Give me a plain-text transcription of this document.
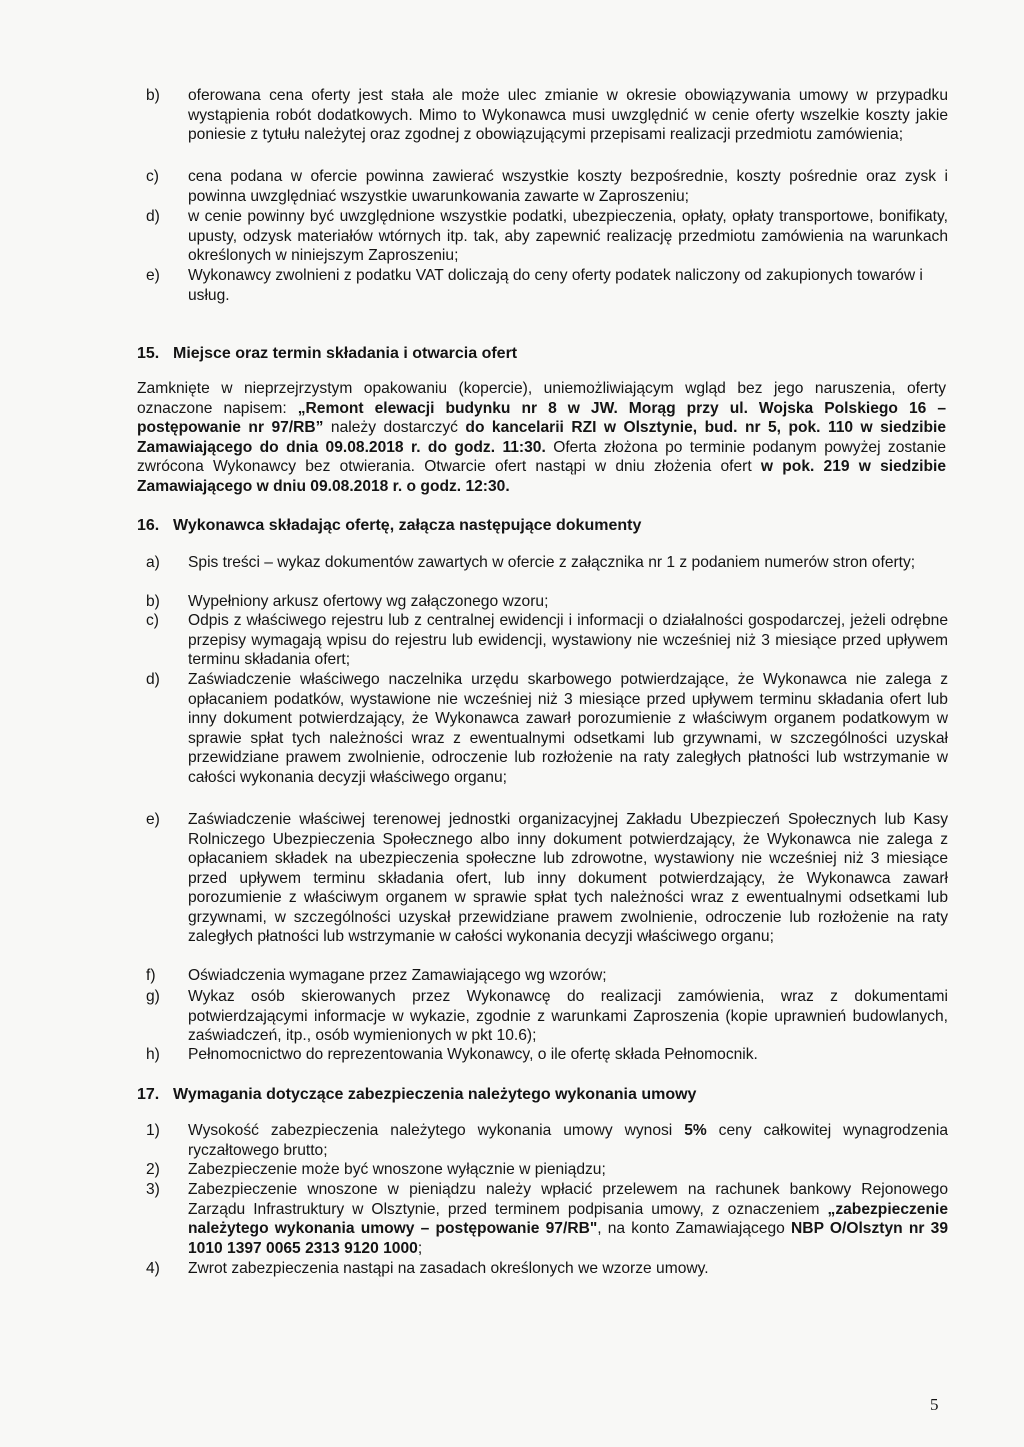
b) oferowana cena oferty jest stała ale może ulec zmianie w okresie obowiązywania umowy w przypadku wystąpienia robót dodatkowych. Mimo to Wykonawca musi uwzględnić w cenie oferty wszelkie koszty jakie poniesie z tytułu należytej oraz zgodnej z obowiązującymi przepisami realizacji przedmiotu zamówienia;
c) cena podana w ofercie powinna zawierać wszystkie koszty bezpośrednie, koszty pośrednie oraz zysk i powinna uwzględniać wszystkie uwarunkowania zawarte w Zaproszeniu;
d) w cenie powinny być uwzględnione wszystkie podatki, ubezpieczenia, opłaty, opłaty transportowe, bonifikaty, upusty, odzysk materiałów wtórnych itp. tak, aby zapewnić realizację przedmiotu zamówienia na warunkach określonych w niniejszym Zaproszeniu;
e) Wykonawcy zwolnieni z podatku VAT doliczają do ceny oferty podatek naliczony od zakupionych towarów i usług.
15. Miejsce oraz termin składania i otwarcia ofert
Zamknięte w nieprzejrzystym opakowaniu (kopercie), uniemożliwiającym wgląd bez jego naruszenia, oferty oznaczone napisem: „Remont elewacji budynku nr 8 w JW. Morąg przy ul. Wojska Polskiego 16 – postępowanie nr 97/RB” należy dostarczyć do kancelarii RZI w Olsztynie, bud. nr 5, pok. 110 w siedzibie Zamawiającego do dnia 09.08.2018 r. do godz. 11:30. Oferta złożona po terminie podanym powyżej zostanie zwrócona Wykonawcy bez otwierania. Otwarcie ofert nastąpi w dniu złożenia ofert w pok. 219 w siedzibie Zamawiającego w dniu 09.08.2018 r. o godz. 12:30.
16. Wykonawca składając ofertę, załącza następujące dokumenty
a) Spis treści – wykaz dokumentów zawartych w ofercie z załącznika nr 1 z podaniem numerów stron oferty;
b) Wypełniony arkusz ofertowy wg załączonego wzoru;
c) Odpis z właściwego rejestru lub z centralnej ewidencji i informacji o działalności gospodarczej, jeżeli odrębne przepisy wymagają wpisu do rejestru lub ewidencji, wystawiony nie wcześniej niż 3 miesiące przed upływem terminu składania ofert;
d) Zaświadczenie właściwego naczelnika urzędu skarbowego potwierdzające, że Wykonawca nie zalega z opłacaniem podatków, wystawione nie wcześniej niż 3 miesiące przed upływem terminu składania ofert lub inny dokument potwierdzający, że Wykonawca zawarł porozumienie z właściwym organem podatkowym w sprawie spłat tych należności wraz z ewentualnymi odsetkami lub grzywnami, w szczególności uzyskał przewidziane prawem zwolnienie, odroczenie lub rozłożenie na raty zaległych płatności lub wstrzymanie w całości wykonania decyzji właściwego organu;
e) Zaświadczenie właściwej terenowej jednostki organizacyjnej Zakładu Ubezpieczeń Społecznych lub Kasy Rolniczego Ubezpieczenia Społecznego albo inny dokument potwierdzający, że Wykonawca nie zalega z opłacaniem składek na ubezpieczenia społeczne lub zdrowotne, wystawiony nie wcześniej niż 3 miesiące przed upływem terminu składania ofert, lub inny dokument potwierdzający, że Wykonawca zawarł porozumienie z właściwym organem w sprawie spłat tych należności wraz z ewentualnymi odsetkami lub grzywnami, w szczególności uzyskał przewidziane prawem zwolnienie, odroczenie lub rozłożenie na raty zaległych płatności lub wstrzymanie w całości wykonania decyzji właściwego organu;
f) Oświadczenia wymagane przez Zamawiającego wg wzorów;
g) Wykaz osób skierowanych przez Wykonawcę do realizacji zamówienia, wraz z dokumentami potwierdzającymi informacje w wykazie, zgodnie z warunkami Zaproszenia (kopie uprawnień budowlanych, zaświadczeń, itp., osób wymienionych w pkt 10.6);
h) Pełnomocnictwo do reprezentowania Wykonawcy, o ile ofertę składa Pełnomocnik.
17. Wymagania dotyczące zabezpieczenia należytego wykonania umowy
1) Wysokość zabezpieczenia należytego wykonania umowy wynosi 5% ceny całkowitej wynagrodzenia ryczałtowego brutto;
2) Zabezpieczenie może być wnoszone wyłącznie w pieniądzu;
3) Zabezpieczenie wnoszone w pieniądzu należy wpłacić przelewem na rachunek bankowy Rejonowego Zarządu Infrastruktury w Olsztynie, przed terminem podpisania umowy, z oznaczeniem „zabezpieczenie należytego wykonania umowy – postępowanie 97/RB", na konto Zamawiającego NBP O/Olsztyn nr 39 1010 1397 0065 2313 9120 1000;
4) Zwrot zabezpieczenia nastąpi na zasadach określonych we wzorze umowy.
5
